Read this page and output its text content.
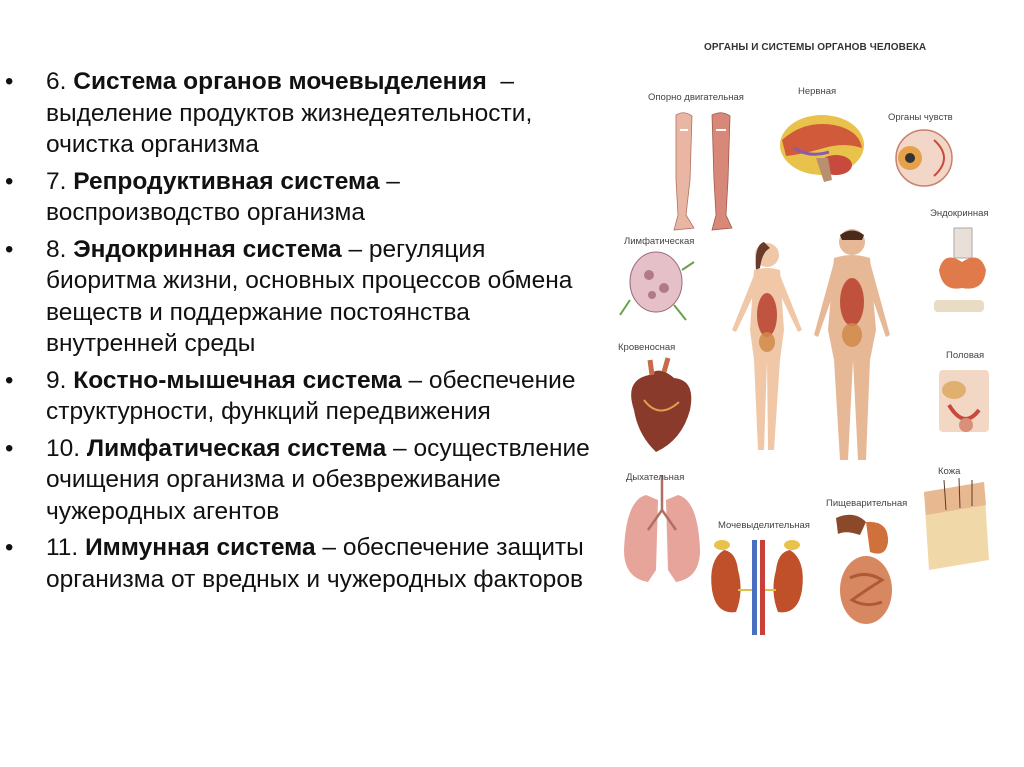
• 6. Система органов мочевыделения  – выделение продуктов жизнедеятельности, очистка организма
• 7. Репродуктивная система – воспроизводство организма
• 8. Эндокринная система – регуляция биоритма жизни, основных процессов обмена веществ и поддержание постоянства внутренней среды
• 9. Костно-мышечная система – обеспечение структурности, функций передвижения
• 10. Лимфатическая система – осуществление очищения организма и обезвреживание чужеродных агентов
• 11. Иммунная система – обеспечение защиты организма от вредных и чужеродных факторов
ОРГАНЫ И СИСТЕМЫ ОРГАНОВ ЧЕЛОВЕКА
Опорно двигательная
Нервная
Органы чувств
Лимфатическая
Эндокринная
Кровеносная
Половая
Дыхательная
Кожа
Пищеварительная
Мочевыделительная
